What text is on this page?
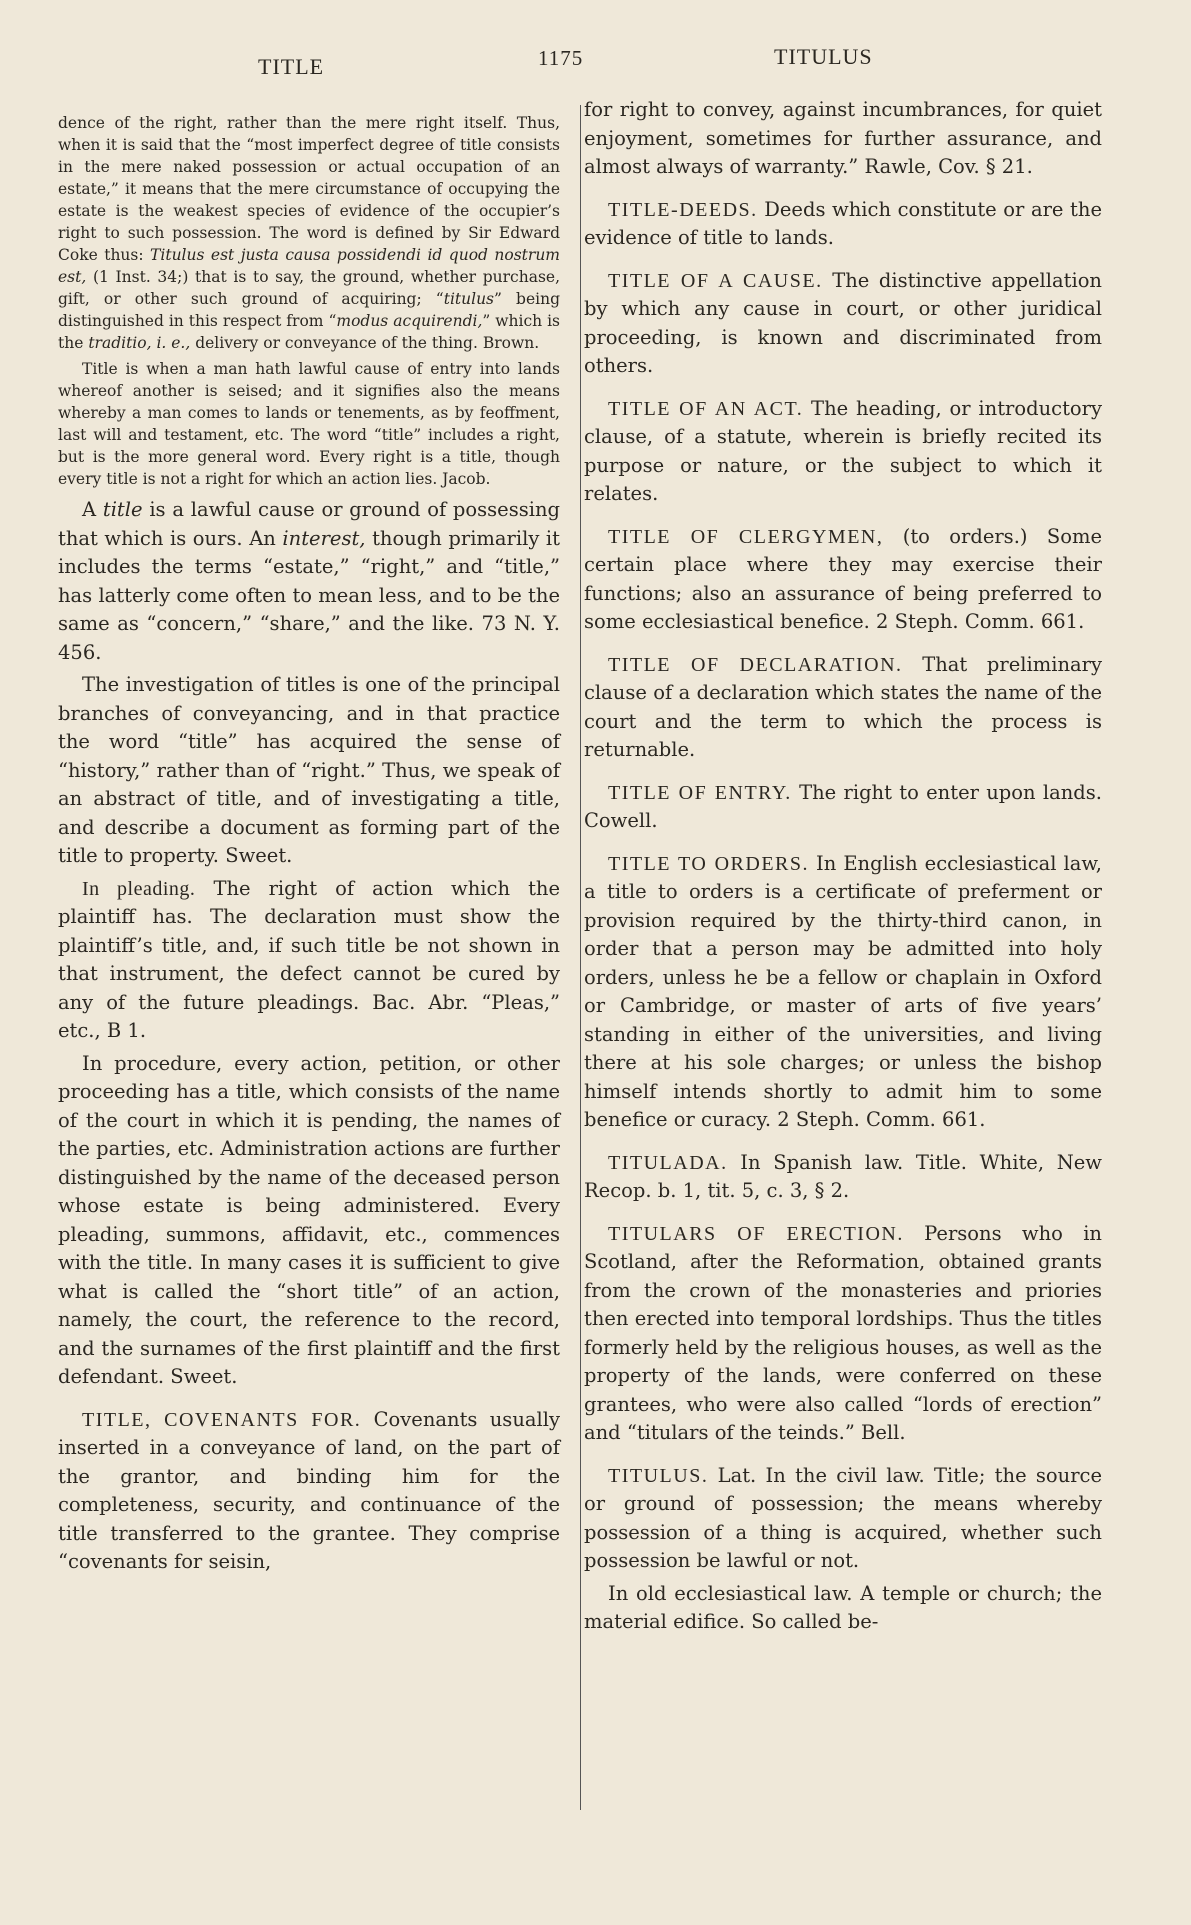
TITLE	1175	TITULUS

dence of the right, rather than the mere right itself. Thus, when it is said that the “most imperfect degree of title consists in the mere naked possession or actual occupation of an estate,” it means that the mere circumstance of occupying the estate is the weakest species of evidence of the occupier’s right to such possession. The word is defined by Sir Edward Coke thus: Titulus est justa causa possidendi id quod nostrum est, (1 Inst. 34;) that is to say, the ground, whether purchase, gift, or other such ground of acquiring; “titulus” being distinguished in this respect from “modus acquirendi,” which is the traditio, i. e., delivery or conveyance of the thing. Brown.

Title is when a man hath lawful cause of entry into lands whereof another is seised; and it signifies also the means whereby a man comes to lands or tenements, as by feoffment, last will and testament, etc. The word “title” includes a right, but is the more general word. Every right is a title, though every title is not a right for which an action lies. Jacob.

A title is a lawful cause or ground of possessing that which is ours. An interest, though primarily it includes the terms “estate,” “right,” and “title,” has latterly come often to mean less, and to be the same as “concern,” “share,” and the like. 73 N. Y. 456.

The investigation of titles is one of the principal branches of conveyancing, and in that practice the word “title” has acquired the sense of “history,” rather than of “right.” Thus, we speak of an abstract of title, and of investigating a title, and describe a document as forming part of the title to property. Sweet.

In pleading. The right of action which the plaintiff has. The declaration must show the plaintiff’s title, and, if such title be not shown in that instrument, the defect cannot be cured by any of the future pleadings. Bac. Abr. “Pleas,” etc., B 1.

In procedure, every action, petition, or other proceeding has a title, which consists of the name of the court in which it is pending, the names of the parties, etc. Administration actions are further distinguished by the name of the deceased person whose estate is being administered. Every pleading, summons, affidavit, etc., commences with the title. In many cases it is sufficient to give what is called the “short title” of an action, namely, the court, the reference to the record, and the surnames of the first plaintiff and the first defendant. Sweet.

TITLE, COVENANTS FOR. Covenants usually inserted in a conveyance of land, on the part of the grantor, and binding him for the completeness, security, and continuance of the title transferred to the grantee. They comprise “covenants for seisin,

for right to convey, against incumbrances, for quiet enjoyment, sometimes for further assurance, and almost always of warranty.” Rawle, Cov. § 21.

TITLE-DEEDS. Deeds which constitute or are the evidence of title to lands.

TITLE OF A CAUSE. The distinctive appellation by which any cause in court, or other juridical proceeding, is known and discriminated from others.

TITLE OF AN ACT. The heading, or introductory clause, of a statute, wherein is briefly recited its purpose or nature, or the subject to which it relates.

TITLE OF CLERGYMEN, (to orders.) Some certain place where they may exercise their functions; also an assurance of being preferred to some ecclesiastical benefice. 2 Steph. Comm. 661.

TITLE OF DECLARATION. That preliminary clause of a declaration which states the name of the court and the term to which the process is returnable.

TITLE OF ENTRY. The right to enter upon lands. Cowell.

TITLE TO ORDERS. In English ecclesiastical law, a title to orders is a certificate of preferment or provision required by the thirty-third canon, in order that a person may be admitted into holy orders, unless he be a fellow or chaplain in Oxford or Cambridge, or master of arts of five years’ standing in either of the universities, and living there at his sole charges; or unless the bishop himself intends shortly to admit him to some benefice or curacy. 2 Steph. Comm. 661.

TITULADA. In Spanish law. Title. White, New Recop. b. 1, tit. 5, c. 3, § 2.

TITULARS OF ERECTION. Persons who in Scotland, after the Reformation, obtained grants from the crown of the monasteries and priories then erected into temporal lordships. Thus the titles formerly held by the religious houses, as well as the property of the lands, were conferred on these grantees, who were also called “lords of erection” and “titulars of the teinds.” Bell.

TITULUS. Lat. In the civil law. Title; the source or ground of possession; the means whereby possession of a thing is acquired, whether such possession be lawful or not.

In old ecclesiastical law. A temple or church; the material edifice. So called be-
